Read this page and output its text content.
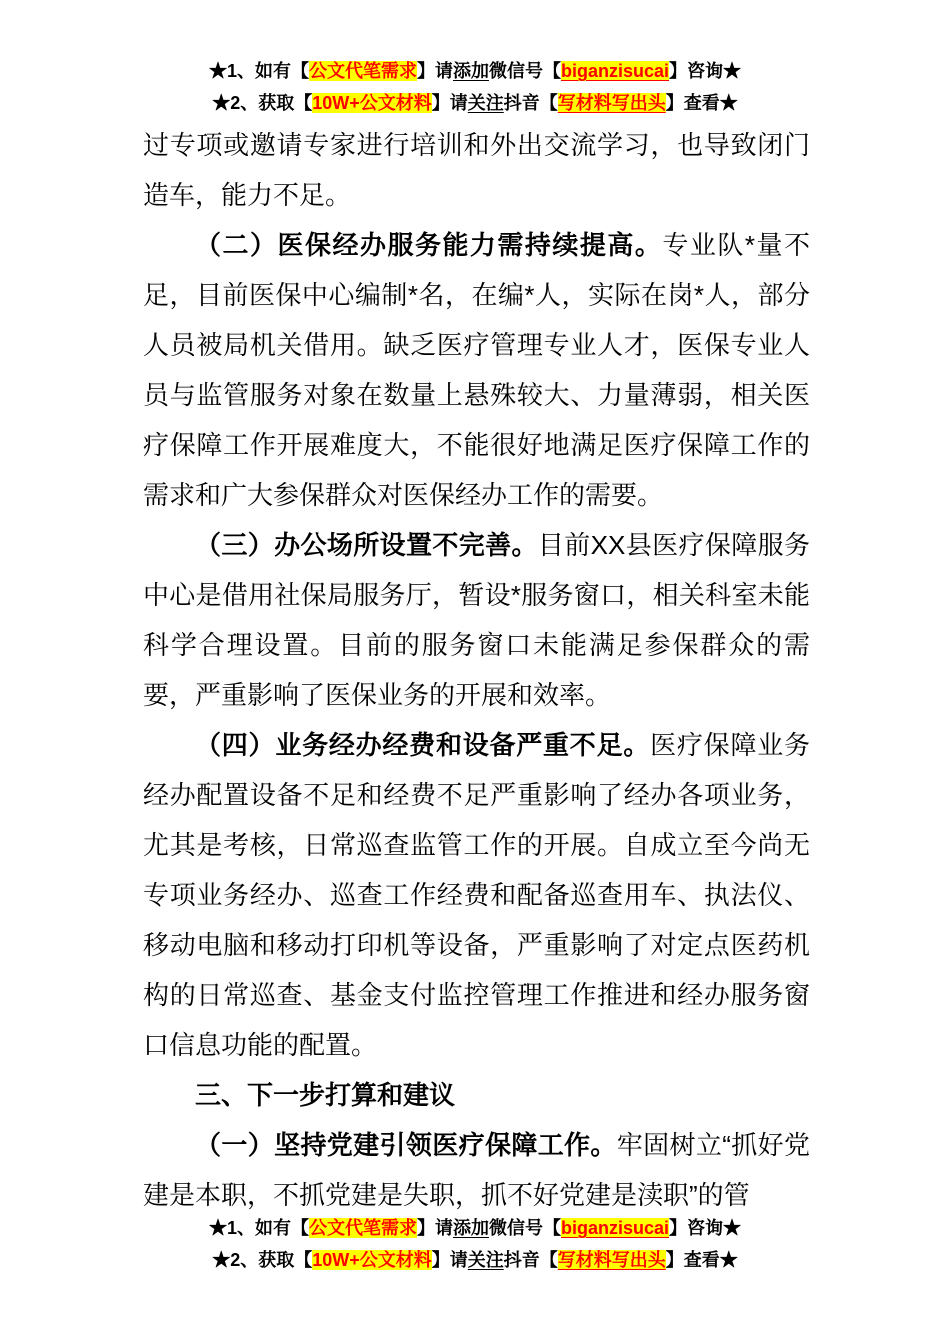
★1、如有【公文代笔需求】请添加微信号【biganzisucai】咨询★
★2、获取【10W+公文材料】请关注抖音【写材料写出头】查看★

过专项或邀请专家进行培训和外出交流学习，也导致闭门造车，能力不足。

（二）医保经办服务能力需持续提高。专业队*量不足，目前医保中心编制*名，在编*人，实际在岗*人，部分人员被局机关借用。缺乏医疗管理专业人才，医保专业人员与监管服务对象在数量上悬殊较大、力量薄弱，相关医疗保障工作开展难度大，不能很好地满足医疗保障工作的需求和广大参保群众对医保经办工作的需要。

（三）办公场所设置不完善。目前XX县医疗保障服务中心是借用社保局服务厅，暂设*服务窗口，相关科室未能科学合理设置。目前的服务窗口未能满足参保群众的需要，严重影响了医保业务的开展和效率。

（四）业务经办经费和设备严重不足。医疗保障业务经办配置设备不足和经费不足严重影响了经办各项业务，尤其是考核，日常巡查监管工作的开展。自成立至今尚无专项业务经办、巡查工作经费和配备巡查用车、执法仪、移动电脑和移动打印机等设备，严重影响了对定点医药机构的日常巡查、基金支付监控管理工作推进和经办服务窗口信息功能的配置。

三、下一步打算和建议

（一）坚持党建引领医疗保障工作。牢固树立“抓好党建是本职，不抓党建是失职，抓不好党建是渎职”的管

★1、如有【公文代笔需求】请添加微信号【biganzisucai】咨询★
★2、获取【10W+公文材料】请关注抖音【写材料写出头】查看★
